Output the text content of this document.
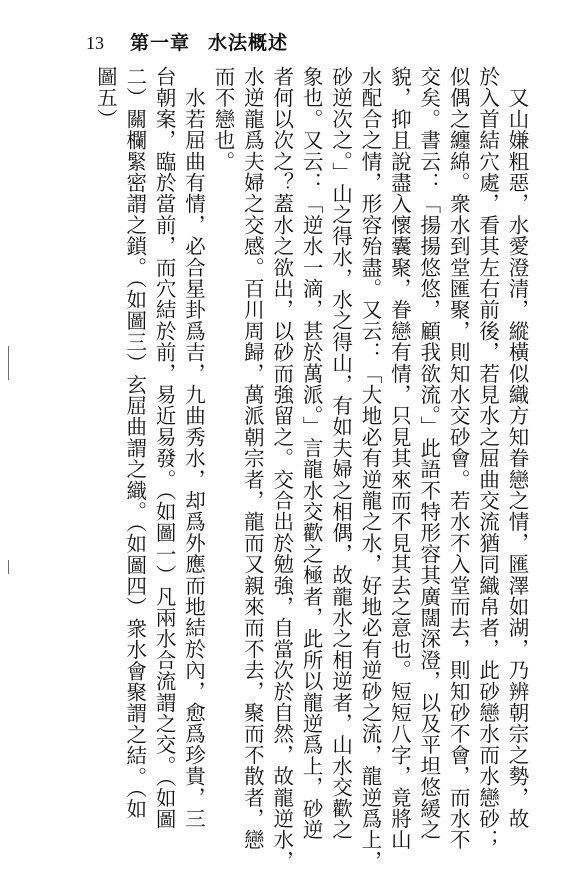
13 第一章 水法概述
　又山嫌粗惡，水愛澄清，縱橫似織方知眷戀之情，匯澤如湖，乃辨朝宗之勢，故
於入首結穴處，看其左右前後，若見水之屈曲交流猶同織帛者，此砂戀水而水戀砂；
似偶之纏綿。衆水到堂匯聚，則知水交砂會。若水不入堂而去，則知砂不會，而水不
交矣。書云：「揚揚悠悠，顧我欲流。」此語不特形容其廣闊深澄，以及平坦悠緩之
貌，抑且說盡入懷囊聚，眷戀有情，只見其來而不見其去之意也。短短八字，竟將山
水配合之情，形容殆盡。又云：「大地必有逆龍之水，好地必有逆砂之流，龍逆爲上，
砂逆次之。」山之得水，水之得山，有如夫婦之相偶，故龍水之相逆者，山水交歡之
象也。又云：「逆水一滴，甚於萬派。」言龍水交歡之極者，此所以龍逆爲上，砂逆
者何以次之？蓋水之欲出，以砂而強留之。交合出於勉強，自當次於自然，故龍逆水，
水逆龍爲夫婦之交感。百川周歸，萬派朝宗者，龍而又親來而不去，聚而不散者，戀
而不戀也。
　水若屈曲有情，必合星卦爲吉，九曲秀水，却爲外應而地結於內，愈爲珍貴，三
台朝案，臨於當前，而穴結於前，易近易發。（如圖一）凡兩水合流謂之交。（如圖
二）關欄緊密謂之鎖。（如圖三）玄屈曲謂之織。（如圖四）衆水會聚謂之結。（如
圖五）
